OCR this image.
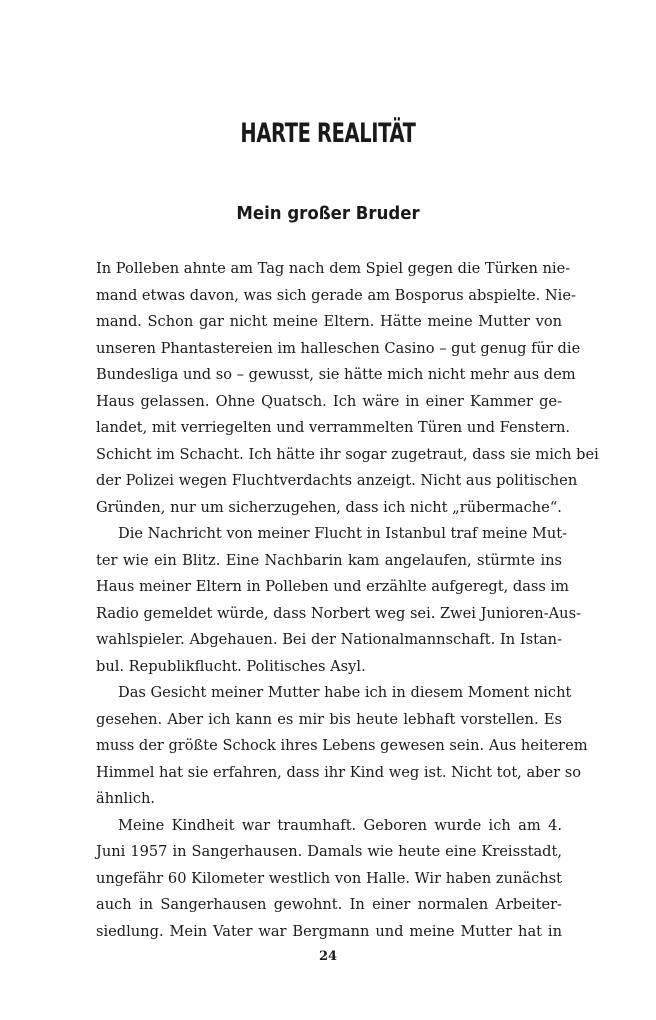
HARTE REALITÄT
Mein großer Bruder
In Polleben ahnte am Tag nach dem Spiel gegen die Türken nie-
mand etwas davon, was sich gerade am Bosporus abspielte. Nie-
mand. Schon gar nicht meine Eltern. Hätte meine Mutter von
unseren Phantastereien im halleschen Casino – gut genug für die
Bundesliga und so – gewusst, sie hätte mich nicht mehr aus dem
Haus gelassen. Ohne Quatsch. Ich wäre in einer Kammer ge-
landet, mit verriegelten und verrammelten Türen und Fenstern.
Schicht im Schacht. Ich hätte ihr sogar zugetraut, dass sie mich bei
der Polizei wegen Fluchtverdachts anzeigt. Nicht aus politischen
Gründen, nur um sicherzugehen, dass ich nicht „rübermache“.
Die Nachricht von meiner Flucht in Istanbul traf meine Mut-
ter wie ein Blitz. Eine Nachbarin kam angelaufen, stürmte ins
Haus meiner Eltern in Polleben und erzählte aufgeregt, dass im
Radio gemeldet würde, dass Norbert weg sei. Zwei Junioren-Aus-
wahlspieler. Abgehauen. Bei der Nationalmannschaft. In Istan-
bul. Republikflucht. Politisches Asyl.
Das Gesicht meiner Mutter habe ich in diesem Moment nicht
gesehen. Aber ich kann es mir bis heute lebhaft vorstellen. Es
muss der größte Schock ihres Lebens gewesen sein. Aus heiterem
Himmel hat sie erfahren, dass ihr Kind weg ist. Nicht tot, aber so
ähnlich.
Meine Kindheit war traumhaft. Geboren wurde ich am 4.
Juni 1957 in Sangerhausen. Damals wie heute eine Kreisstadt,
ungefähr 60 Kilometer westlich von Halle. Wir haben zunächst
auch in Sangerhausen gewohnt. In einer normalen Arbeiter-
siedlung. Mein Vater war Bergmann und meine Mutter hat in
24
